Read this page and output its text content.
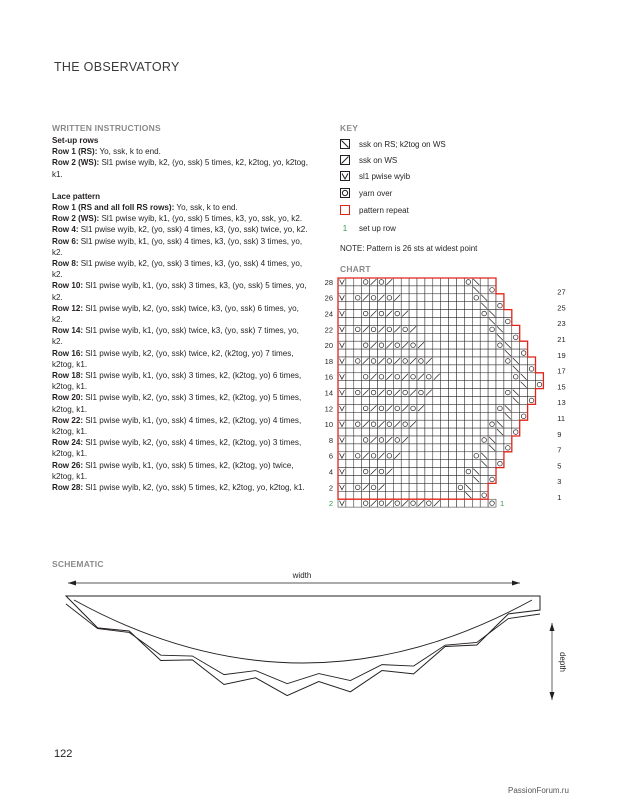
THE OBSERVATORY
WRITTEN INSTRUCTIONS

Set-up rows

Row 1 (RS): Yo, ssk, k to end.

Row 2 (WS): Sl1 pwise wyib, k2, (yo, ssk) 5 times, k2, k2tog, yo, k2tog, k1.

Lace pattern

Row 1 (RS and all foll RS rows): Yo, ssk, k to end.

Row 2 (WS): Sl1 pwise wyib, k1, (yo, ssk) 5 times, k3, yo, ssk, yo, k2.

Row 4: Sl1 pwise wyib, k2, (yo, ssk) 4 times, k3, (yo, ssk) twice, yo, k2.

Row 6: Sl1 pwise wyib, k1, (yo, ssk) 4 times, k3, (yo, ssk) 3 times, yo, k2.

Row 8: Sl1 pwise wyib, k2, (yo, ssk) 3 times, k3, (yo, ssk) 4 times, yo, k2.

Row 10: Sl1 pwise wyib, k1, (yo, ssk) 3 times, k3, (yo, ssk) 5 times, yo, k2.

Row 12: Sl1 pwise wyib, k2, (yo, ssk) twice, k3, (yo, ssk) 6 times, yo, k2.

Row 14: Sl1 pwise wyib, k1, (yo, ssk) twice, k3, (yo, ssk) 7 times, yo, k2.

Row 16: Sl1 pwise wyib, k2, (yo, ssk) twice, k2, (k2tog, yo) 7 times, k2tog, k1.

Row 18: Sl1 pwise wyib, k1, (yo, ssk) 3 times, k2, (k2tog, yo) 6 times, k2tog, k1.

Row 20: Sl1 pwise wyib, k2, (yo, ssk) 3 times, k2, (k2tog, yo) 5 times, k2tog, k1.

Row 22: Sl1 pwise wyib, k1, (yo, ssk) 4 times, k2, (k2tog, yo) 4 times, k2tog, k1.

Row 24: Sl1 pwise wyib, k2, (yo, ssk) 4 times, k2, (k2tog, yo) 3 times, k2tog, k1.

Row 26: Sl1 pwise wyib, k1, (yo, ssk) 5 times, k2, (k2tog, yo) twice, k2tog, k1.

Row 28: Sl1 pwise wyib, k2, (yo, ssk) 5 times, k2, k2tog, yo, k2tog, k1.

KEY
ssk on RS; k2tog on WS
ssk on WS
sl1 pwise wyib
yarn over
pattern repeat
1	set up row
NOTE: Pattern is 26 sts at widest point
CHART
28
26
24
22
20
18
16
14
12
10
8
6
4
2
27
25
23
21
19
17
15
13
11
9
7
5
3
1
2	1
SCHEMATIC
width
depth
122
PassionForum.ru
